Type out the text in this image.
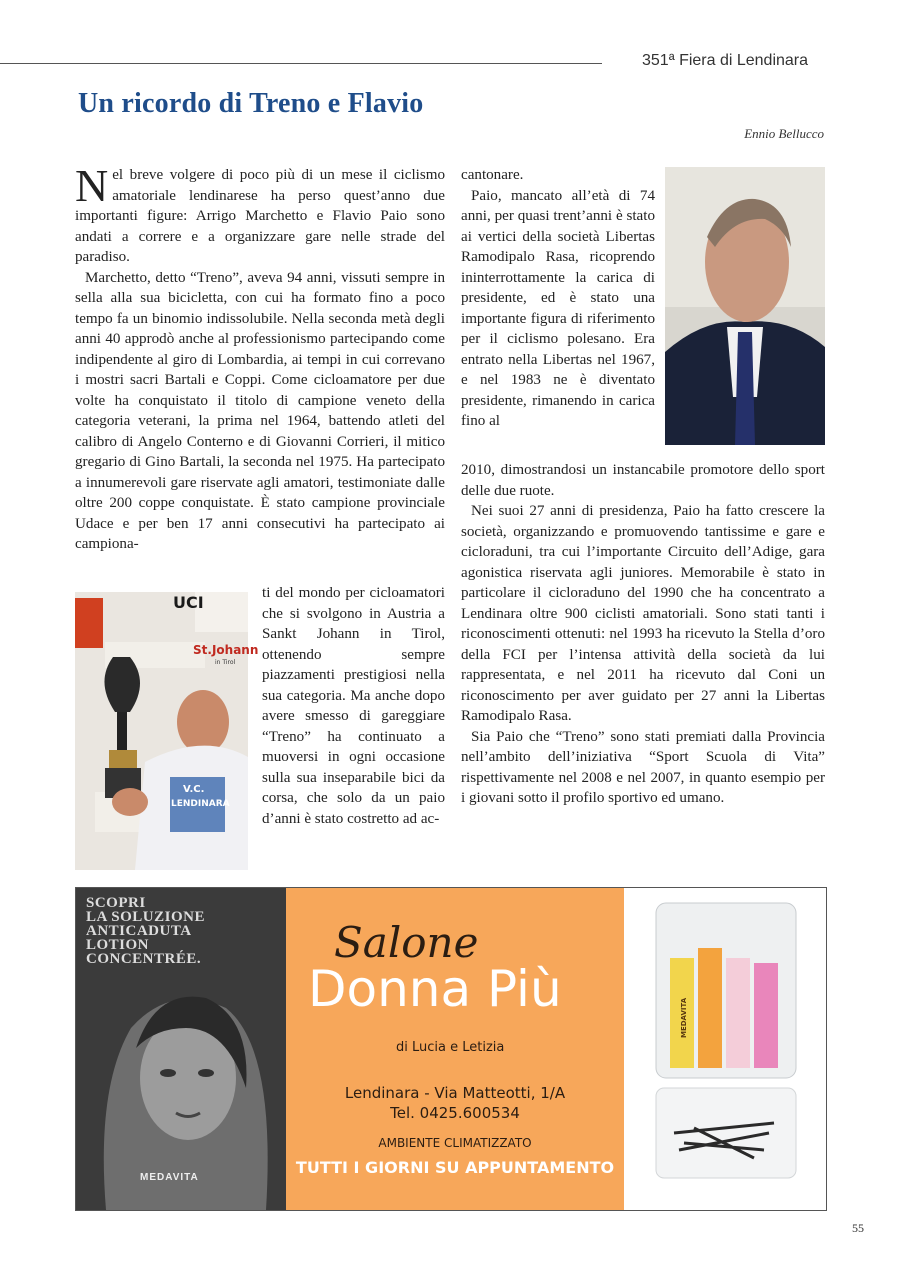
351ª Fiera di Lendinara
Un ricordo di Treno e Flavio
Ennio Bellucco

Nel breve volgere di poco più di un mese il ciclismo amatoriale lendinarese ha perso quest’anno due importanti figure: Arrigo Marchetto e Flavio Paio sono andati a correre e a organizzare gare nelle strade del paradiso.

Marchetto, detto “Treno”, aveva 94 anni, vissuti sempre in sella alla sua bicicletta, con cui ha formato fino a poco tempo fa un binomio indissolubile. Nella seconda metà degli anni 40 approdò anche al professionismo partecipando come indipendente al giro di Lombardia, ai tempi in cui correvano i mostri sacri Bartali e Coppi. Come cicloamatore per due volte ha conquistato il titolo di campione veneto della categoria veterani, la prima nel 1964, battendo atleti del calibro di Angelo Conterno e di Giovanni Corrieri, il mitico gregario di Gino Bartali, la seconda nel 1975. Ha partecipato a innumerevoli gare riservate agli amatori, testimoniate dalle oltre 200 coppe conquistate. È stato campione provinciale Udace e per ben 17 anni consecutivi ha partecipato ai campiona-

UCI
St.Johann
in Tirol
V.C.
LENDINARA

ti del mondo per cicloamatori che si svolgono in Austria a Sankt Johann in Tirol, ottenendo sempre piazzamenti prestigiosi nella sua categoria. Ma anche dopo avere smesso di gareggiare “Treno” ha continuato a muoversi in ogni occasione sulla sua inseparabile bici da corsa, che solo da un paio d’anni è stato costretto ad ac-

cantonare.

Paio, mancato all’età di 74 anni, per quasi trent’anni è stato ai vertici della società Libertas Ramodipalo Rasa, ricoprendo ininterrottamente la carica di presidente, ed è stato una importante figura di riferimento per il ciclismo polesano. Era entrato nella Libertas nel 1967, e nel 1983 ne è diventato presidente, rimanendo in carica fino al

2010, dimostrandosi un instancabile promotore dello sport delle due ruote.

Nei suoi 27 anni di presidenza, Paio ha fatto crescere la società, organizzando e promuovendo tantissime e gare e cicloraduni, tra cui l’importante Circuito dell’Adige, gara agonistica riservata agli juniores. Memorabile è stato in particolare il cicloraduno del 1990 che ha concentrato a Lendinara oltre 900 ciclisti amatoriali. Sono stati tanti i riconoscimenti ottenuti: nel 1993 ha ricevuto la Stella d’oro della FCI per l’intensa attività della società da lui rappresentata, e nel 2011 ha ricevuto dal Coni un riconoscimento per aver guidato per 27 anni la Libertas Ramodipalo Rasa.

Sia Paio che “Treno” sono stati premiati dalla Provincia nell’ambito dell’iniziativa “Sport Scuola di Vita” rispettivamente nel 2008 e nel 2007, in quanto esempio per i giovani sotto il profilo sportivo ed umano.

SCOPRI
LA SOLUZIONE
ANTICADUTA
LOTION
CONCENTRÉE.
MEDAVITA
Salone
Donna Più
di Lucia e Letizia
Lendinara - Via Matteotti, 1/A
Tel. 0425.600534
AMBIENTE CLIMATIZZATO
TUTTI I GIORNI SU APPUNTAMENTO
MEDAVITA
55
